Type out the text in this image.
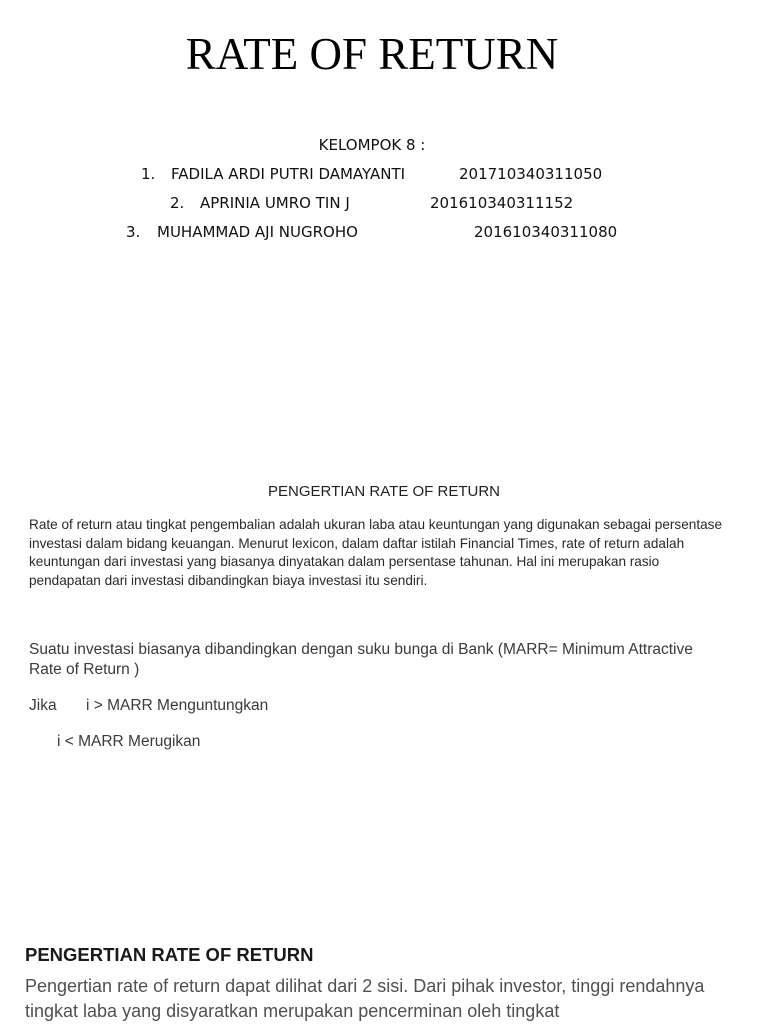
RATE OF RETURN
KELOMPOK 8 :
1. FADILA ARDI PUTRI DAMAYANTI	201710340311050
2. APRINIA UMRO TIN J	201610340311152
3. MUHAMMAD AJI NUGROHO	201610340311080
PENGERTIAN RATE OF RETURN
Rate of return atau tingkat pengembalian adalah ukuran laba atau keuntungan yang digunakan sebagai persentase investasi dalam bidang keuangan. Menurut lexicon, dalam daftar istilah Financial Times, rate of return adalah keuntungan dari investasi yang biasanya dinyatakan dalam persentase tahunan. Hal ini merupakan rasio pendapatan dari investasi dibandingkan biaya investasi itu sendiri.
Suatu investasi biasanya dibandingkan dengan suku bunga di Bank (MARR= Minimum Attractive Rate of Return )
Jika i > MARR Menguntungkan
i < MARR Merugikan
PENGERTIAN RATE OF RETURN
Pengertian rate of return dapat dilihat dari 2 sisi. Dari pihak investor, tinggi rendahnya tingkat laba yang disyaratkan merupakan pencerminan oleh tingkat
